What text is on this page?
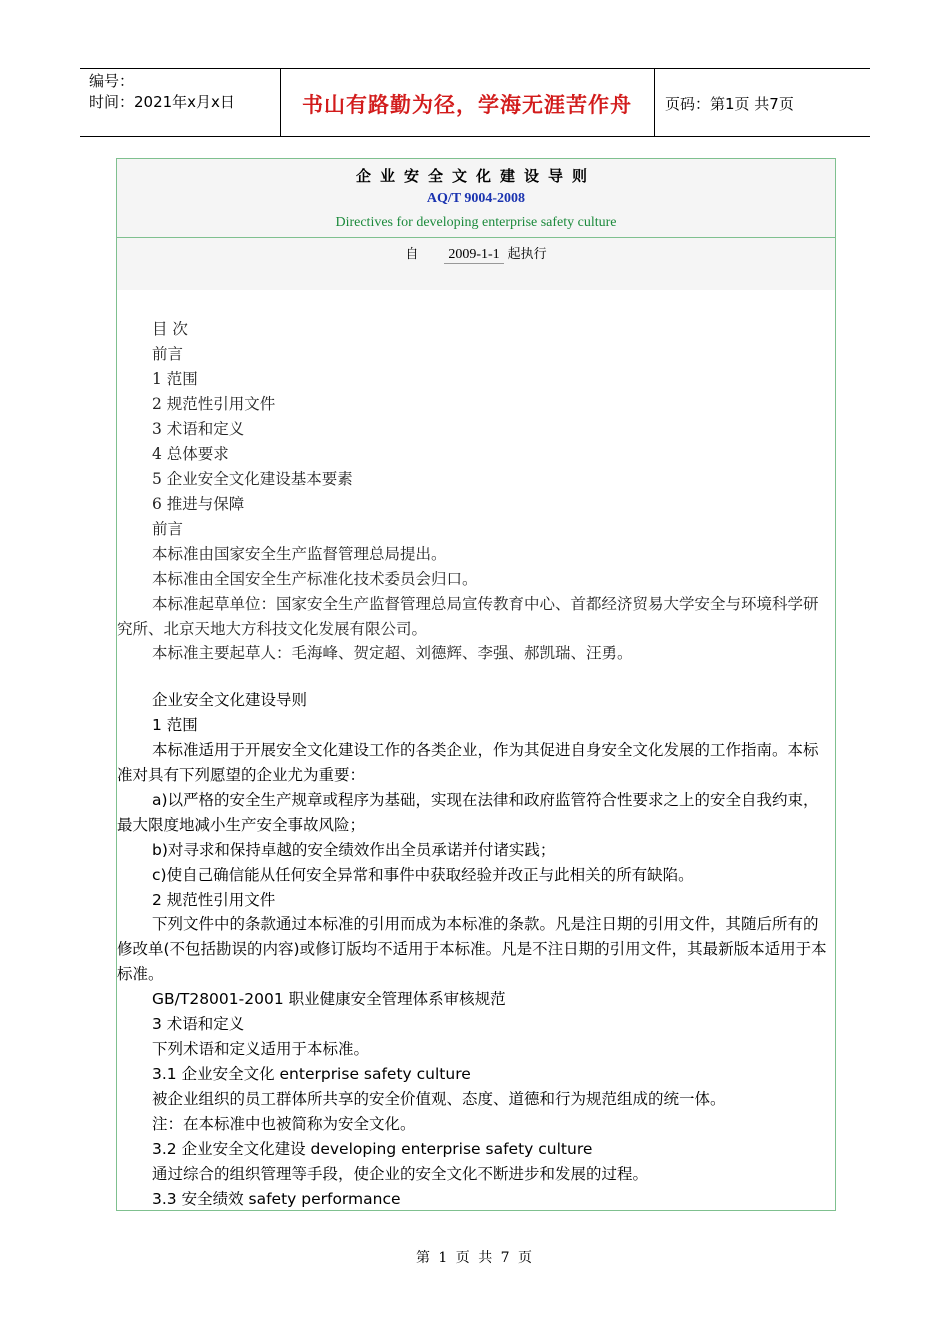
编号：
时间：2021年x月x日	书山有路勤为径，学海无涯苦作舟	页码：第1页 共7页
企业安全文化建设导则
AQ/T 9004-2008
Directives for developing enterprise safety culture
自 2009-1-1 起执行
目 次
前言
1 范围
2 规范性引用文件
3 术语和定义
4 总体要求
5 企业安全文化建设基本要素
6 推进与保障
前言
本标准由国家安全生产监督管理总局提出。
本标准由全国安全生产标准化技术委员会归口。
本标准起草单位：国家安全生产监督管理总局宣传教育中心、首都经济贸易大学安全与环境科学研究所、北京天地大方科技文化发展有限公司。
本标准主要起草人：毛海峰、贺定超、刘德辉、李强、郝凯瑞、汪勇。
企业安全文化建设导则
1 范围
本标准适用于开展安全文化建设工作的各类企业，作为其促进自身安全文化发展的工作指南。本标准对具有下列愿望的企业尤为重要：
a)以严格的安全生产规章或程序为基础，实现在法律和政府监管符合性要求之上的安全自我约束，最大限度地减小生产安全事故风险；
b)对寻求和保持卓越的安全绩效作出全员承诺并付诸实践；
c)使自己确信能从任何安全异常和事件中获取经验并改正与此相关的所有缺陷。
2 规范性引用文件
下列文件中的条款通过本标准的引用而成为本标准的条款。凡是注日期的引用文件，其随后所有的修改单(不包括勘误的内容)或修订版均不适用于本标准。凡是不注日期的引用文件，其最新版本适用于本标准。
GB/T28001-2001 职业健康安全管理体系审核规范
3 术语和定义
下列术语和定义适用于本标准。
3.1 企业安全文化 enterprise safety culture
被企业组织的员工群体所共享的安全价值观、态度、道德和行为规范组成的统一体。
注：在本标准中也被简称为安全文化。
3.2 企业安全文化建设 developing enterprise safety culture
通过综合的组织管理等手段，使企业的安全文化不断进步和发展的过程。
3.3 安全绩效 safety performance
第 1 页 共 7 页
